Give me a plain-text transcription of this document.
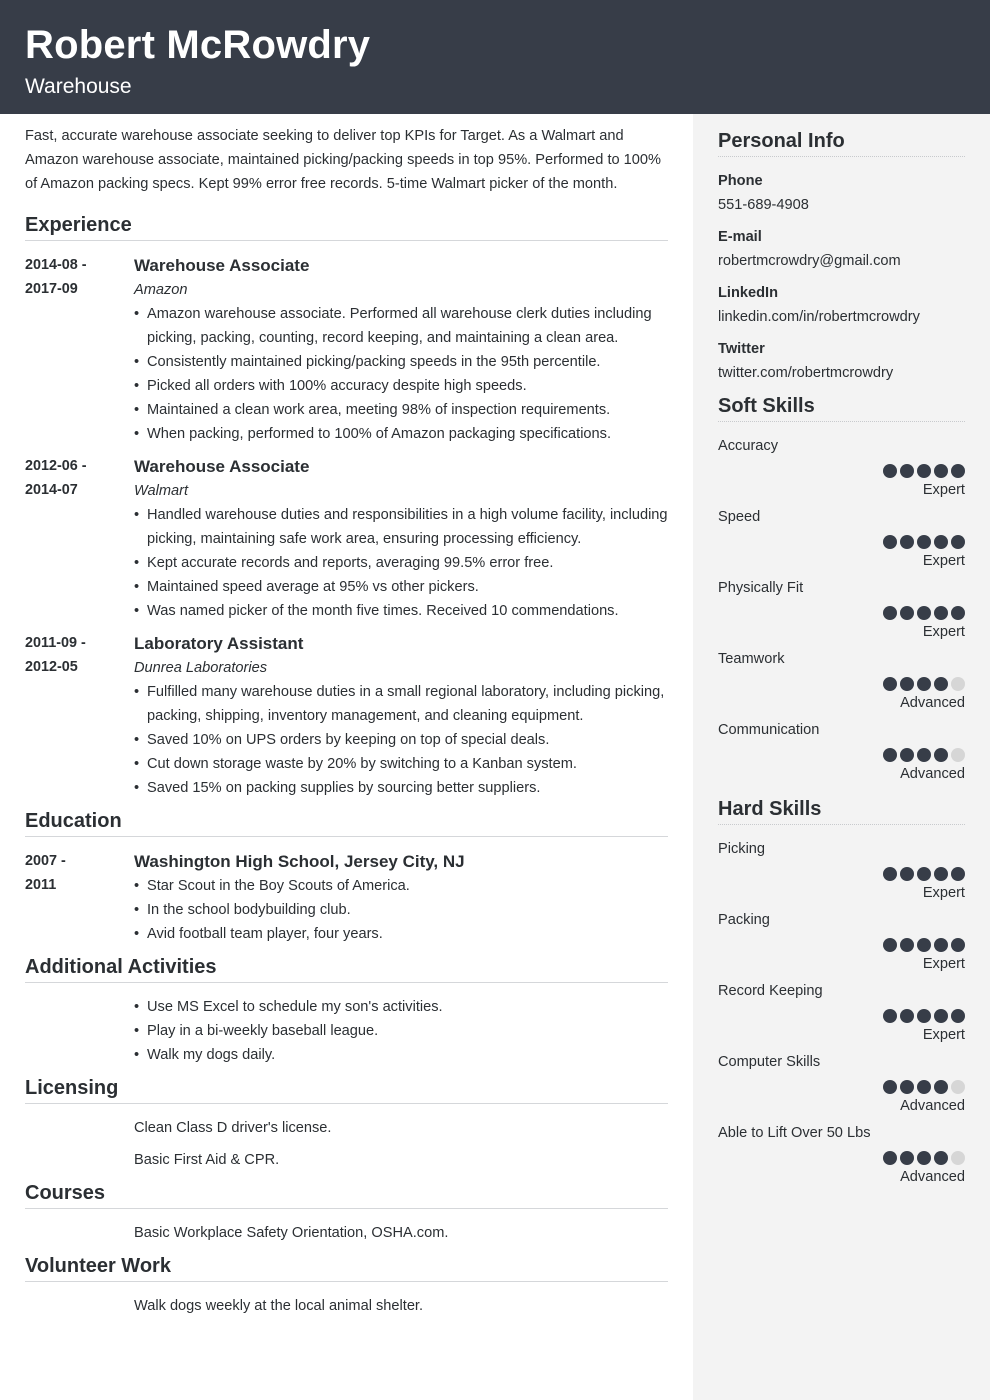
Robert McRowdry
Warehouse

Fast, accurate warehouse associate seeking to deliver top KPIs for Target. As a Walmart and Amazon warehouse associate, maintained picking/packing speeds in top 95%. Performed to 100% of Amazon packing specs. Kept 99% error free records. 5-time Walmart picker of the month.

Experience
2014-08 -
2017-09
Warehouse Associate
Amazon
• Amazon warehouse associate. Performed all warehouse clerk duties including picking, packing, counting, record keeping, and maintaining a clean area.
• Consistently maintained picking/packing speeds in the 95th percentile.
• Picked all orders with 100% accuracy despite high speeds.
• Maintained a clean work area, meeting 98% of inspection requirements.
• When packing, performed to 100% of Amazon packaging specifications.
2012-06 -
2014-07
Warehouse Associate
Walmart
• Handled warehouse duties and responsibilities in a high volume facility, including picking, maintaining safe work area, ensuring processing efficiency.
• Kept accurate records and reports, averaging 99.5% error free.
• Maintained speed average at 95% vs other pickers.
• Was named picker of the month five times. Received 10 commendations.
2011-09 -
2012-05
Laboratory Assistant
Dunrea Laboratories
• Fulfilled many warehouse duties in a small regional laboratory, including picking, packing, shipping, inventory management, and cleaning equipment.
• Saved 10% on UPS orders by keeping on top of special deals.
• Cut down storage waste by 20% by switching to a Kanban system.
• Saved 15% on packing supplies by sourcing better suppliers.
Education
2007 -
2011
Washington High School, Jersey City, NJ
• Star Scout in the Boy Scouts of America.
• In the school bodybuilding club.
• Avid football team player, four years.
Additional Activities
• Use MS Excel to schedule my son's activities.
• Play in a bi-weekly baseball league.
• Walk my dogs daily.
Licensing
Clean Class D driver's license.
Basic First Aid & CPR.
Courses
Basic Workplace Safety Orientation, OSHA.com.
Volunteer Work
Walk dogs weekly at the local animal shelter.
Personal Info
Phone
551-689-4908
E-mail
robertmcrowdry@gmail.com
LinkedIn
linkedin.com/in/robertmcrowdry
Twitter
twitter.com/robertmcrowdry
Soft Skills
Accuracy
Expert
Speed
Expert
Physically Fit
Expert
Teamwork
Advanced
Communication
Advanced
Hard Skills
Picking
Expert
Packing
Expert
Record Keeping
Expert
Computer Skills
Advanced
Able to Lift Over 50 Lbs
Advanced
